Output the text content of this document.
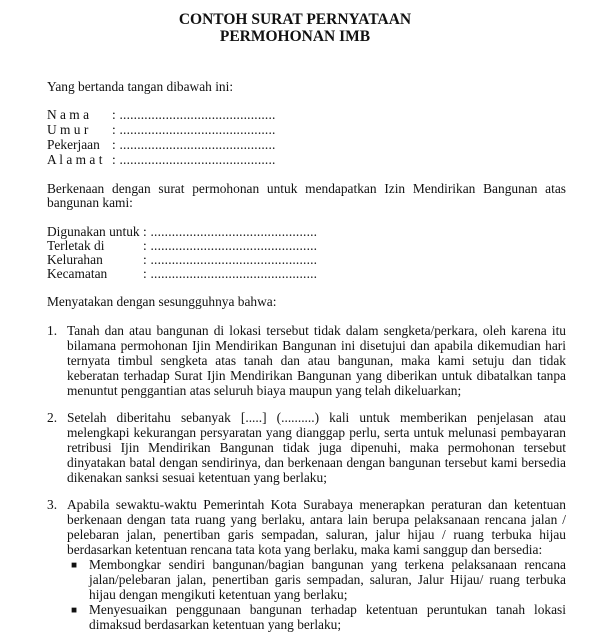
CONTOH SURAT PERNYATAAN
PERMOHONAN IMB
Yang bertanda tangan dibawah ini:
N a m a : ............................................
U m u r : ............................................
Pekerjaan : ............................................
A l a m a t : ............................................
Berkenaan dengan surat permohonan untuk mendapatkan Izin Mendirikan Bangunan atas
bangunan kami:
Digunakan untuk : ...............................................
Terletak di	: ...............................................
Kelurahan	: ...............................................
Kecamatan	: ...............................................
Menyatakan dengan sesungguhnya bahwa:
1. Tanah dan atau bangunan di lokasi tersebut tidak dalam sengketa/perkara, oleh karena itu
bilamana permohonan Ijin Mendirikan Bangunan ini disetujui dan apabila dikemudian hari
ternyata timbul sengketa atas tanah dan atau bangunan, maka kami setuju dan tidak
keberatan terhadap Surat Ijin Mendirikan Bangunan yang diberikan untuk dibatalkan tanpa
menuntut penggantian atas seluruh biaya maupun yang telah dikeluarkan;
2. Setelah diberitahu sebanyak [.....] (..........) kali untuk memberikan penjelasan atau
melengkapi kekurangan persyaratan yang dianggap perlu, serta untuk melunasi pembayaran
retribusi Ijin Mendirikan Bangunan tidak juga dipenuhi, maka permohonan tersebut
dinyatakan batal dengan sendirinya, dan berkenaan dengan bangunan tersebut kami bersedia
dikenakan sanksi sesuai ketentuan yang berlaku;
3. Apabila sewaktu-waktu Pemerintah Kota Surabaya menerapkan peraturan dan ketentuan
berkenaan dengan tata ruang yang berlaku, antara lain berupa pelaksanaan rencana jalan /
pelebaran jalan, penertiban garis sempadan, saluran, jalur hijau / ruang terbuka hijau
berdasarkan ketentuan rencana tata kota yang berlaku, maka kami sanggup dan bersedia:
■ Membongkar sendiri bangunan/bagian bangunan yang terkena pelaksanaan rencana
jalan/pelebaran jalan, penertiban garis sempadan, saluran, Jalur Hijau/ ruang terbuka
hijau dengan mengikuti ketentuan yang berlaku;
■ Menyesuaikan penggunaan bangunan terhadap ketentuan peruntukan tanah lokasi
dimaksud berdasarkan ketentuan yang berlaku;
